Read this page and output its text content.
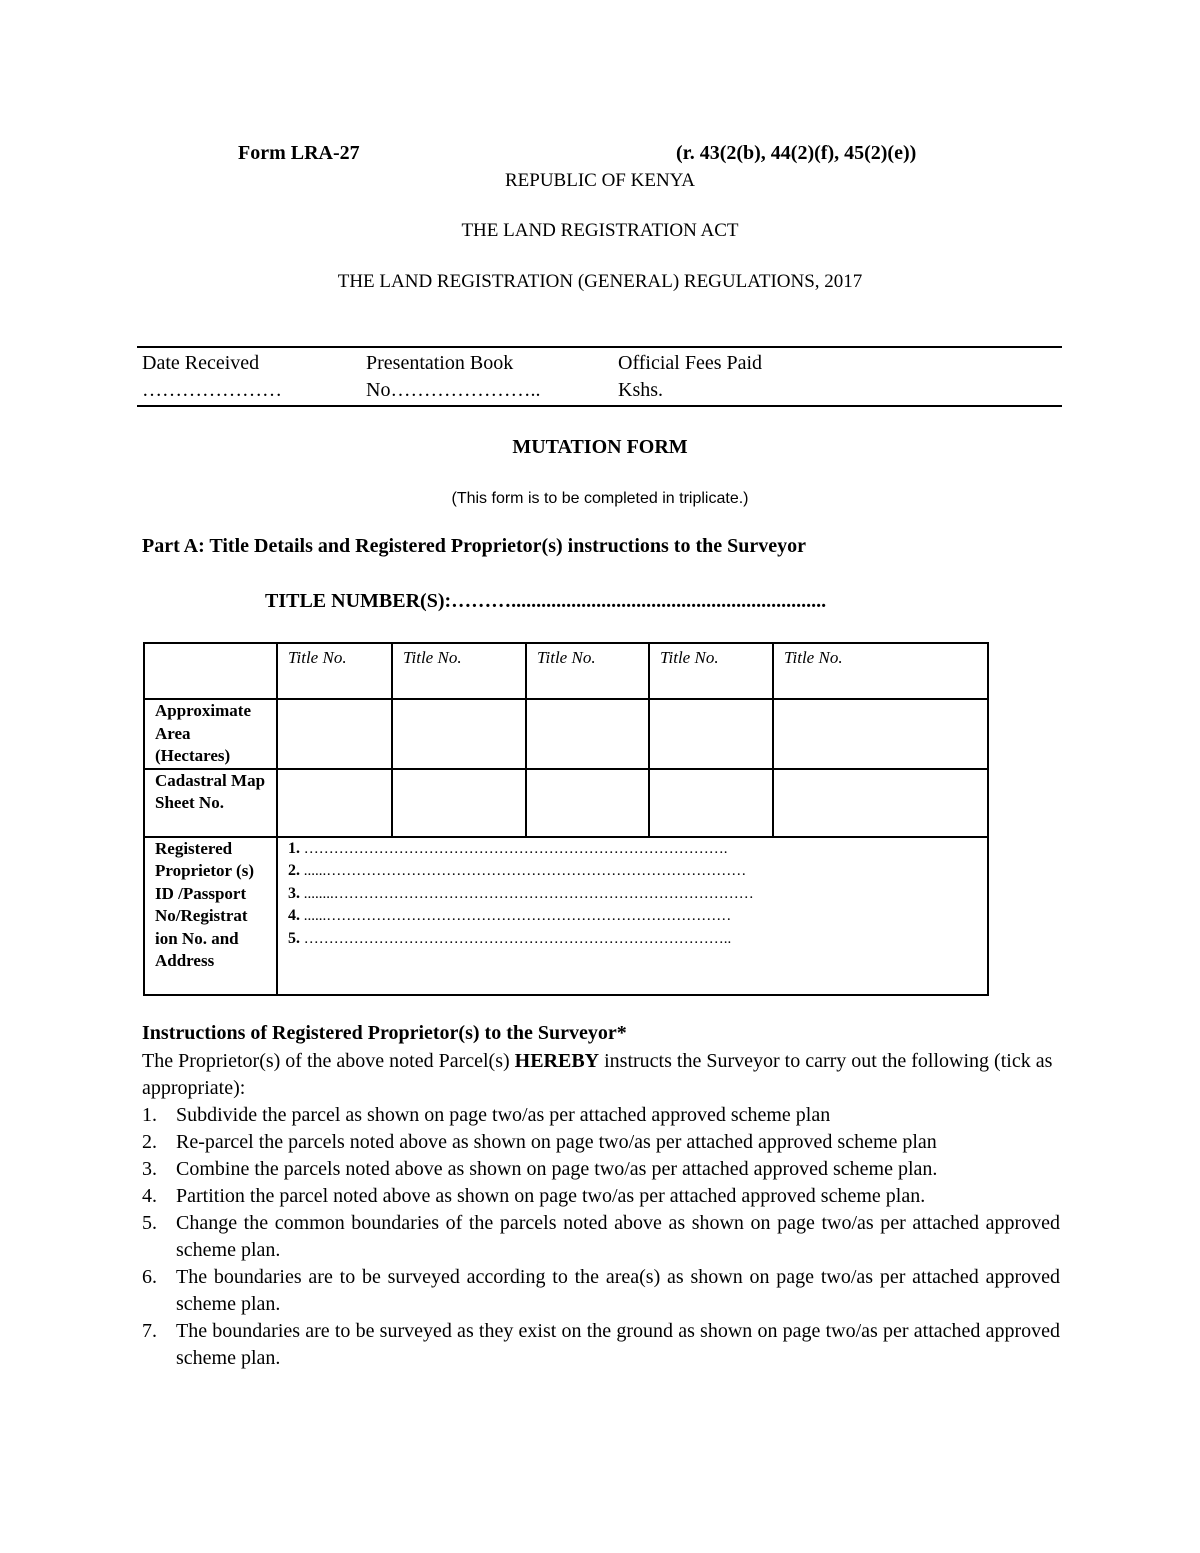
Form LRA-27	(r. 43(2(b), 44(2)(f), 45(2)(e))
REPUBLIC OF KENYA
THE LAND REGISTRATION ACT
THE LAND REGISTRATION (GENERAL) REGULATIONS, 2017
Date Received
…………………
Presentation Book
No…………………..
Official Fees Paid
Kshs.
MUTATION FORM
(This form is to be completed in triplicate.)
Part A: Title Details and Registered Proprietor(s) instructions to the Surveyor
TITLE NUMBER(S):………...............................................................
	Title No.	Title No.	Title No.	Title No.	Title No.
Approximate Area (Hectares)					
Cadastral Map Sheet No.					
Registered Proprietor (s) ID /Passport No/Registrat ion No. and Address	1. ………………………………………………………………………….
2. ......…………………………………………………………………………
3. ........…………………………………………………………………………
4. ......………………………………………………………………………
5. …………………………………………………………………………..				
Instructions of Registered Proprietor(s) to the Surveyor*
The Proprietor(s) of the above noted Parcel(s) HEREBY instructs the Surveyor to carry out the following (tick as appropriate):
1. Subdivide the parcel as shown on page two/as per attached approved scheme plan
2. Re-parcel the parcels noted above as shown on page two/as per attached approved scheme plan
3. Combine the parcels noted above as shown on page two/as per attached approved scheme plan.
4. Partition the parcel noted above as shown on page two/as per attached approved scheme plan.
5. Change the common boundaries of the parcels noted above as shown on page two/as per attached approved scheme plan.
6. The boundaries are to be surveyed according to the area(s) as shown on page two/as per attached approved scheme plan.
7. The boundaries are to be surveyed as they exist on the ground as shown on page two/as per attached approved scheme plan.
